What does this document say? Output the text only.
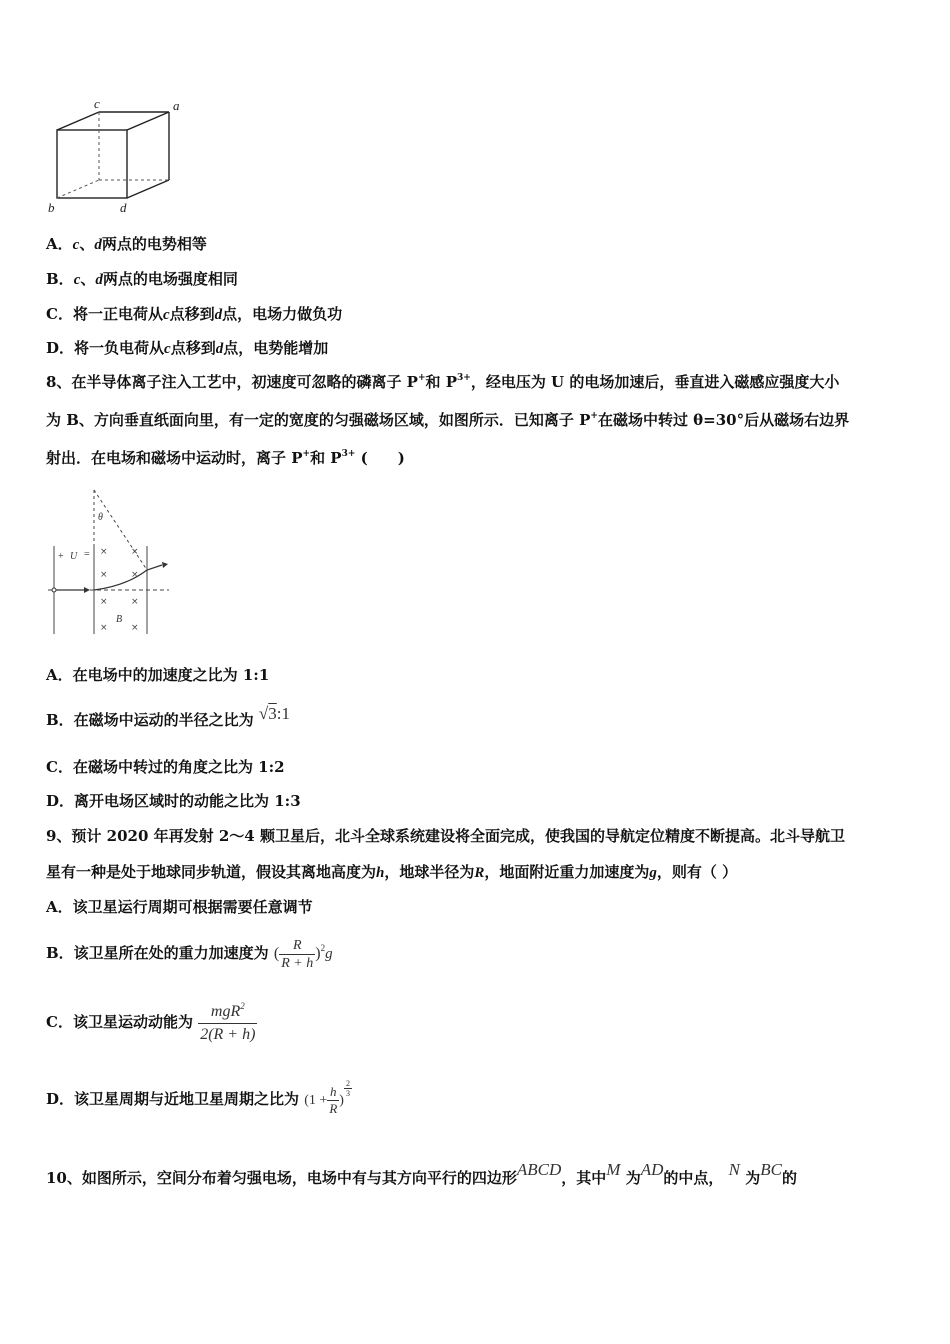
c	a
b	d
A．c、d两点的电势相等
B．c、d两点的电场强度相同
C．将一正电荷从c点移到d点，电场力做负功
D．将一负电荷从c点移到d点，电势能增加
8、在半导体离子注入工艺中，初速度可忽略的磷离子 P+和 $P^{3+}$，经电压为 U 的电场加速后，垂直进入磁感应强度大小
为 B、方向垂直纸面向里，有一定的宽度的匀强磁场区域，如图所示．已知离子 P+在磁场中转过 θ=30°后从磁场右边界
射出．在电场和磁场中运动时，离子 P+和 $P^{3+}$ (　　)
θ
+ U =
B
×	×
×	×
×	×
×	×
A．在电场中的加速度之比为 1:1
B．在磁场中运动的半径之比为 √3:1
C．在磁场中转过的角度之比为 1:2
D．离开电场区域时的动能之比为 1:3
9、预计 2020 年再发射 2～4 颗卫星后，北斗全球系统建设将全面完成，使我国的导航定位精度不断提高。北斗导航卫
星有一种是处于地球同步轨道，假设其离地高度为h，地球半径为R，地面附近重力加速度为g，则有（ ）
A．该卫星运行周期可根据需要任意调节
B．该卫星所在处的重力加速度为 ( $\frac{R}{R + h} )^2g$
C．该卫星运动动能为 $\frac{mgR^2}{2(R + h)}$
D．该卫星周期与近地卫星周期之比为 ($1 + \frac{h}{R}$ )
$\frac{2}{3}$
10、如图所示，空间分布着匀强电场，电场中有与其方向平行的四边形ABCD，其中M 为AD的中点， N 为BC的
